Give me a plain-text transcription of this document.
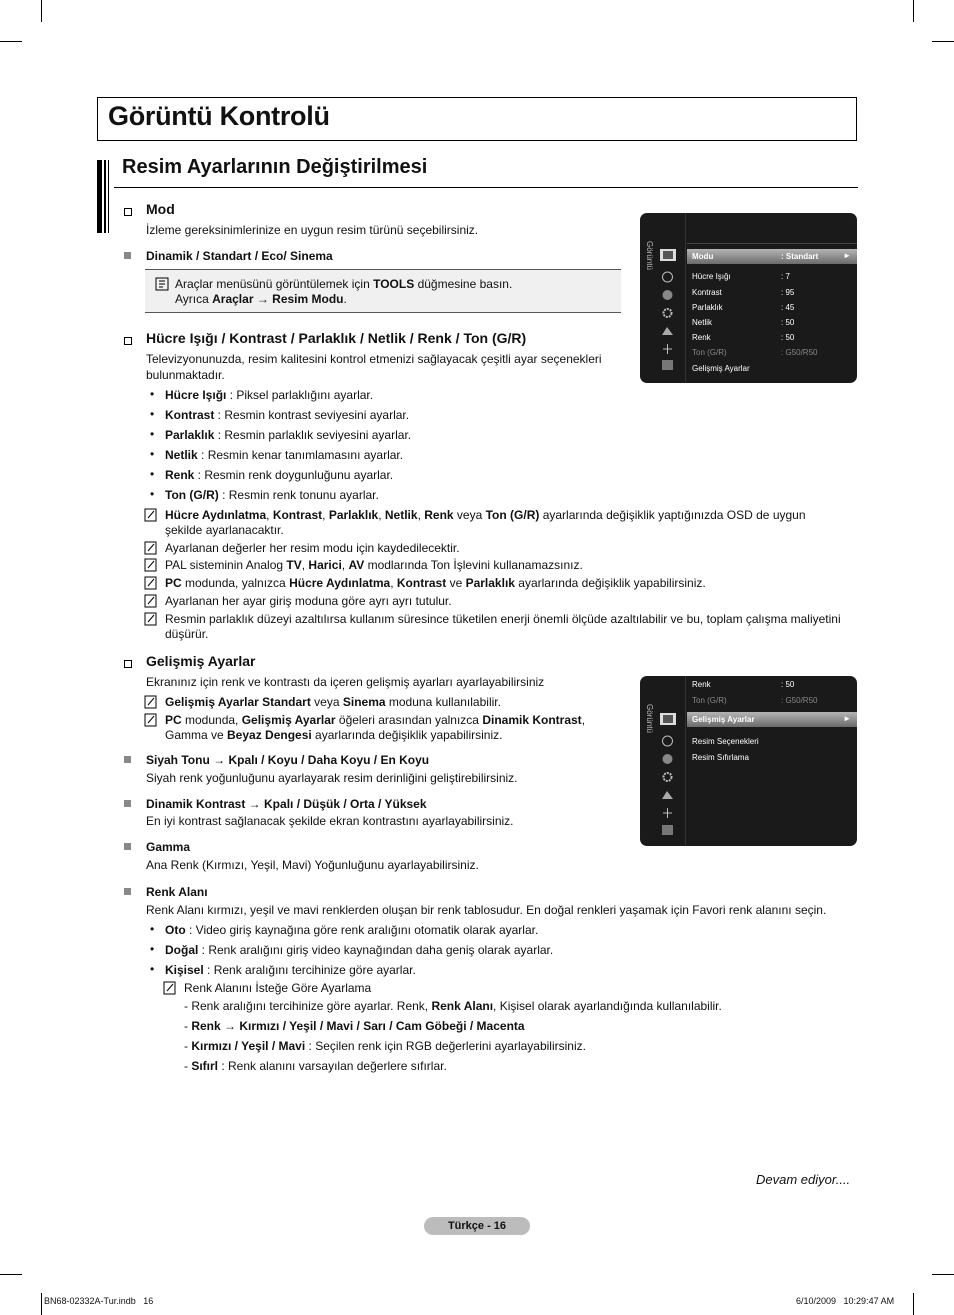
Görüntü Kontrolü
Resim Ayarlarının Değiştirilmesi
Mod
İzleme gereksinimlerinize en uygun resim türünü seçebilirsiniz.
Dinamik / Standart / Eco/ Sinema
Araçlar menüsünü görüntülemek için TOOLS düğmesine basın.
Ayrıca Araçlar → Resim Modu.
Görüntü	Modu	: Standart	►
Hücre Işığı	: 7
Kontrast	: 95
Parlaklık	: 45
Netlik	: 50
Renk	: 50
Ton (G/R)	: G50/R50
Gelişmiş Ayarlar
Hücre Işığı / Kontrast / Parlaklık / Netlik / Renk / Ton (G/R)
Televizyonunuzda, resim kalitesini kontrol etmenizi sağlayacak çeşitli ayar seçenekleri
bulunmaktadır.
• Hücre Işığı : Piksel parlaklığını ayarlar.
• Kontrast : Resmin kontrast seviyesini ayarlar.
• Parlaklık : Resmin parlaklık seviyesini ayarlar.
• Netlik : Resmin kenar tanımlamasını ayarlar.
• Renk : Resmin renk doygunluğunu ayarlar.
• Ton (G/R) : Resmin renk tonunu ayarlar.
Hücre Aydınlatma, Kontrast, Parlaklık, Netlik, Renk veya Ton (G/R) ayarlarında değişiklik yaptığınızda OSD de uygun
şekilde ayarlanacaktır.
Ayarlanan değerler her resim modu için kaydedilecektir.
PAL sisteminin Analog TV, Harici, AV modlarında Ton İşlevini kullanamazsınız.
PC modunda, yalnızca Hücre Aydınlatma, Kontrast ve Parlaklık ayarlarında değişiklik yapabilirsiniz.
Ayarlanan her ayar giriş moduna göre ayrı ayrı tutulur.
Resmin parlaklık düzeyi azaltılırsa kullanım süresince tüketilen enerji önemli ölçüde azaltılabilir ve bu, toplam çalışma maliyetini
düşürür.
Gelişmiş Ayarlar
Ekranınız için renk ve kontrastı da içeren gelişmiş ayarları ayarlayabilirsiniz
Gelişmiş Ayarlar Standart veya Sinema moduna kullanılabilir.
PC modunda, Gelişmiş Ayarlar öğeleri arasından yalnızca Dinamik Kontrast,
Gamma ve Beyaz Dengesi ayarlarında değişiklik yapabilirsiniz.
Siyah Tonu → Kpalı / Koyu / Daha Koyu / En Koyu
Siyah renk yoğunluğunu ayarlayarak resim derinliğini geliştirebilirsiniz.
Dinamik Kontrast → Kpalı / Düşük / Orta / Yüksek
En iyi kontrast sağlanacak şekilde ekran kontrastını ayarlayabilirsiniz.
Gamma
Ana Renk (Kırmızı, Yeşil, Mavi) Yoğunluğunu ayarlayabilirsiniz.
Renk Alanı
Renk Alanı kırmızı, yeşil ve mavi renklerden oluşan bir renk tablosudur. En doğal renkleri yaşamak için Favori renk alanını seçin.
• Oto : Video giriş kaynağına göre renk aralığını otomatik olarak ayarlar.
• Doğal : Renk aralığını giriş video kaynağından daha geniş olarak ayarlar.
• Kişisel : Renk aralığını tercihinize göre ayarlar.
Renk Alanını İsteğe Göre Ayarlama
- Renk aralığını tercihinize göre ayarlar. Renk, Renk Alanı, Kişisel olarak ayarlandığında kullanılabilir.
- Renk → Kırmızı / Yeşil / Mavi / Sarı / Cam Göbeği / Macenta
- Kırmızı / Yeşil / Mavi : Seçilen renk için RGB değerlerini ayarlayabilirsiniz.
- Sıfırl : Renk alanını varsayılan değerlere sıfırlar.
Görüntü
Renk	: 50
Ton (G/R)	: G50/R50
Gelişmiş Ayarlar	►
Resim Seçenekleri
Resim Sıfırlama
Devam ediyor....
Türkçe - 16
BN68-02332A-Tur.indb   16	6/10/2009   10:29:47 AM
